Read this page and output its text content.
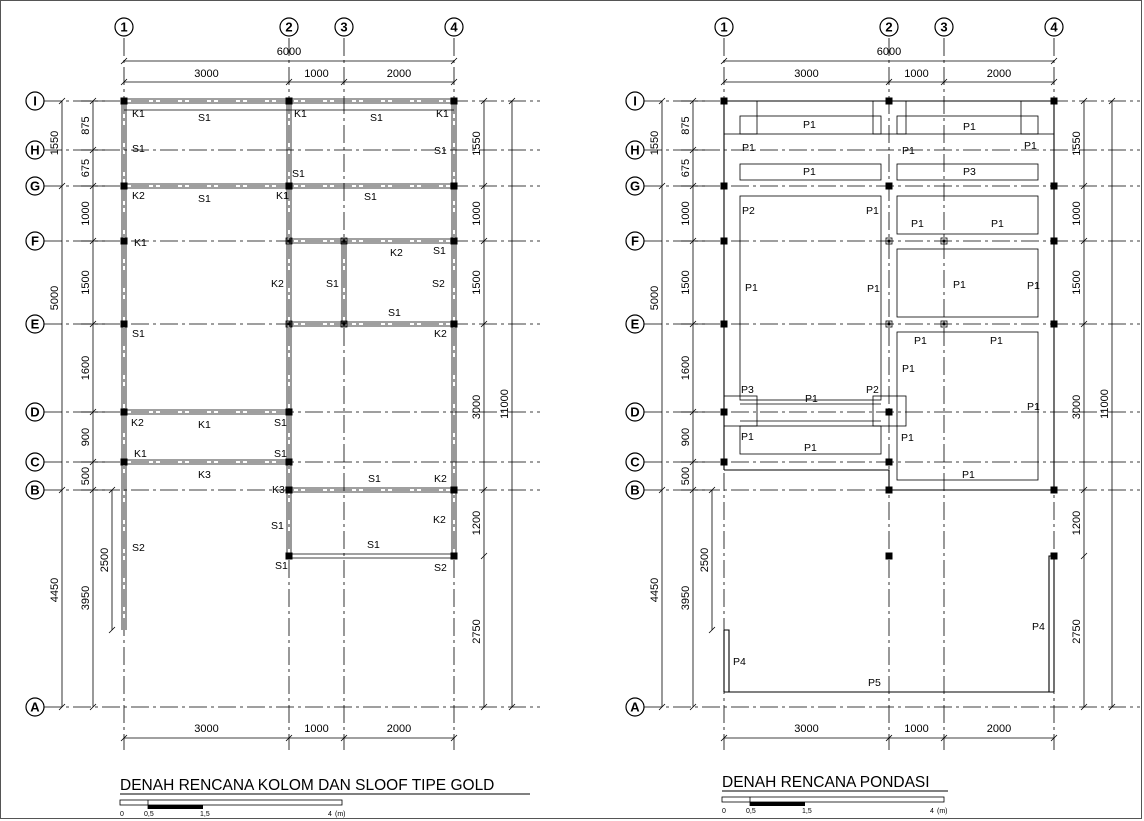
1	2	3	4
I
H
G
F
E
D
C
B
A
6000
3000	1000	2000
3000	1000	2000
875
675
1000
1500
1600
900
500
1550
5000
4450
2500
3950
1550
1000
1500
3000
1200
2750
11000
K1	S1	K1	S1	K1
S1	S1
S1
K2	S1	K1	S1
K1
K2	S1
K2	S1	S2
S1
S1	K2
K2	K1	S1
K1	S1
K3
K3
S1	K2
S1	K2
S2	S1
S1	S2
DENAH RENCANA KOLOM DAN SLOOF TIPE GOLD
0	0,5	1,5	4 (m)
1	2	3	4
I
H
G
F
E
D
C
B
A
6000
3000	1000	2000
3000	1000	2000
875
675
1000
1500
1600
900
500
1550
5000
4450
2500
3950
1550
1000
1500
3000
1200
2750
11000
P1	P1
P1	P1	P1
P1	P3
P2	P1
P1	P1
P1	P1	P1	P1
P1	P1
P1
P3
P1
P2
P1
P1	P1
P1
P1
P4
P4
P5
DENAH RENCANA PONDASI
0	0,5	1,5	4 (m)
